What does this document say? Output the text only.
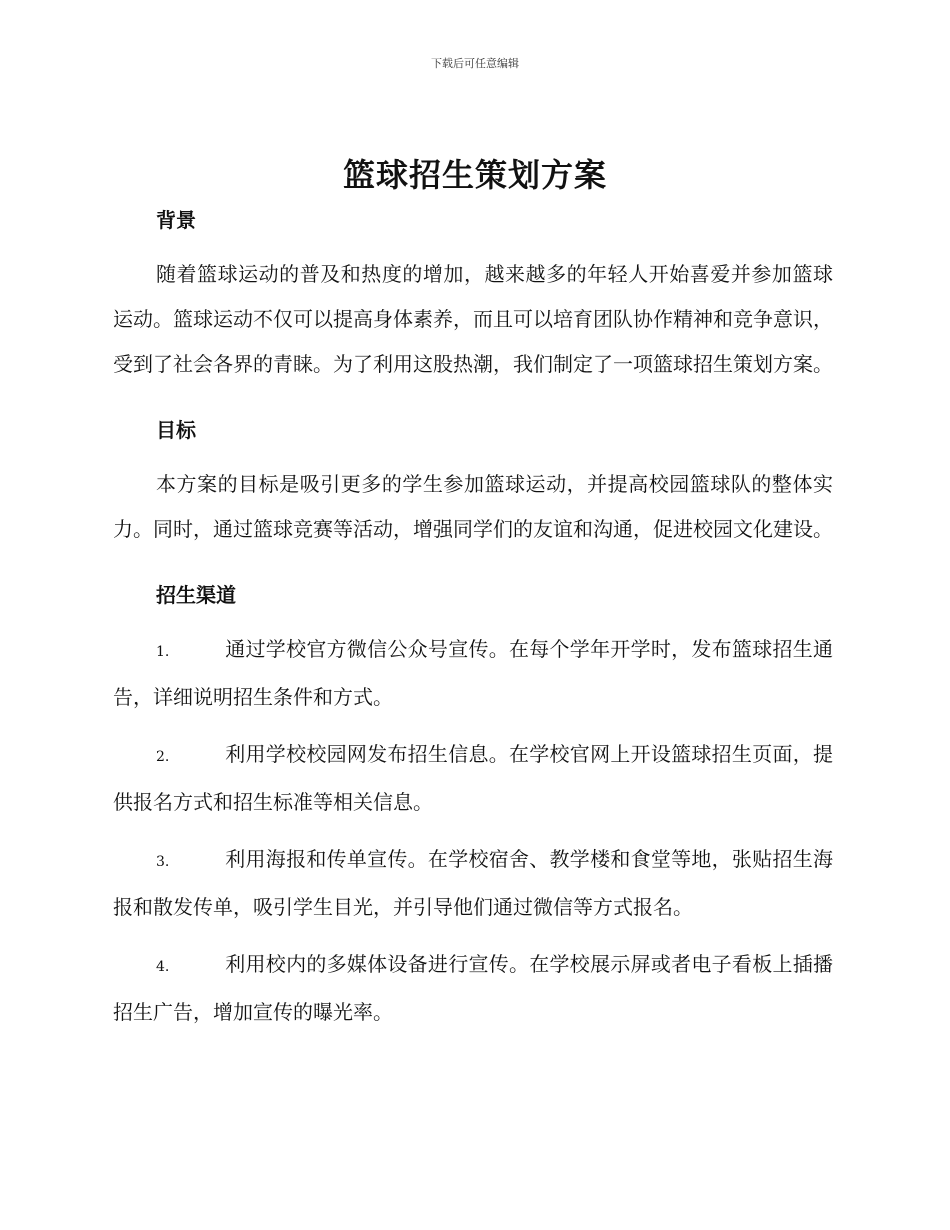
下载后可任意编辑
篮球招生策划方案
背景

随着篮球运动的普及和热度的增加，越来越多的年轻人开始喜爱并参加篮球运动。篮球运动不仅可以提高身体素养，而且可以培育团队协作精神和竞争意识，受到了社会各界的青睐。为了利用这股热潮，我们制定了一项篮球招生策划方案。

目标

本方案的目标是吸引更多的学生参加篮球运动，并提高校园篮球队的整体实力。同时，通过篮球竞赛等活动，增强同学们的友谊和沟通，促进校园文化建设。

招生渠道

1.	通过学校官方微信公众号宣传。在每个学年开学时，发布篮球招生通告，详细说明招生条件和方式。

2.	利用学校校园网发布招生信息。在学校官网上开设篮球招生页面，提供报名方式和招生标准等相关信息。

3.	利用海报和传单宣传。在学校宿舍、教学楼和食堂等地，张贴招生海报和散发传单，吸引学生目光，并引导他们通过微信等方式报名。

4.	利用校内的多媒体设备进行宣传。在学校展示屏或者电子看板上插播招生广告，增加宣传的曝光率。
